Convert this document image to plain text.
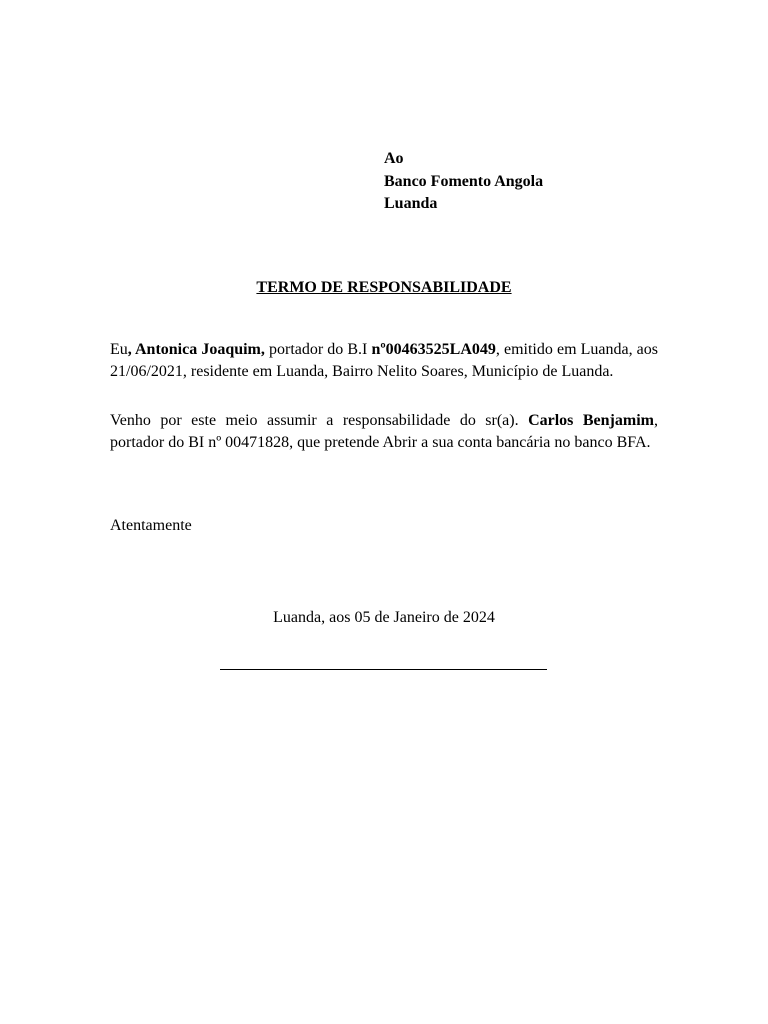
Ao
Banco Fomento Angola
Luanda
TERMO DE RESPONSABILIDADE
Eu, Antonica Joaquim, portador do B.I nº00463525LA049, emitido em Luanda, aos 21/06/2021, residente em Luanda, Bairro Nelito Soares, Município de Luanda.
Venho por este meio assumir a responsabilidade do sr(a). Carlos Benjamim, portador do BI nº 00471828, que pretende Abrir a sua conta bancária no banco BFA.
Atentamente
Luanda, aos 05 de Janeiro de 2024
